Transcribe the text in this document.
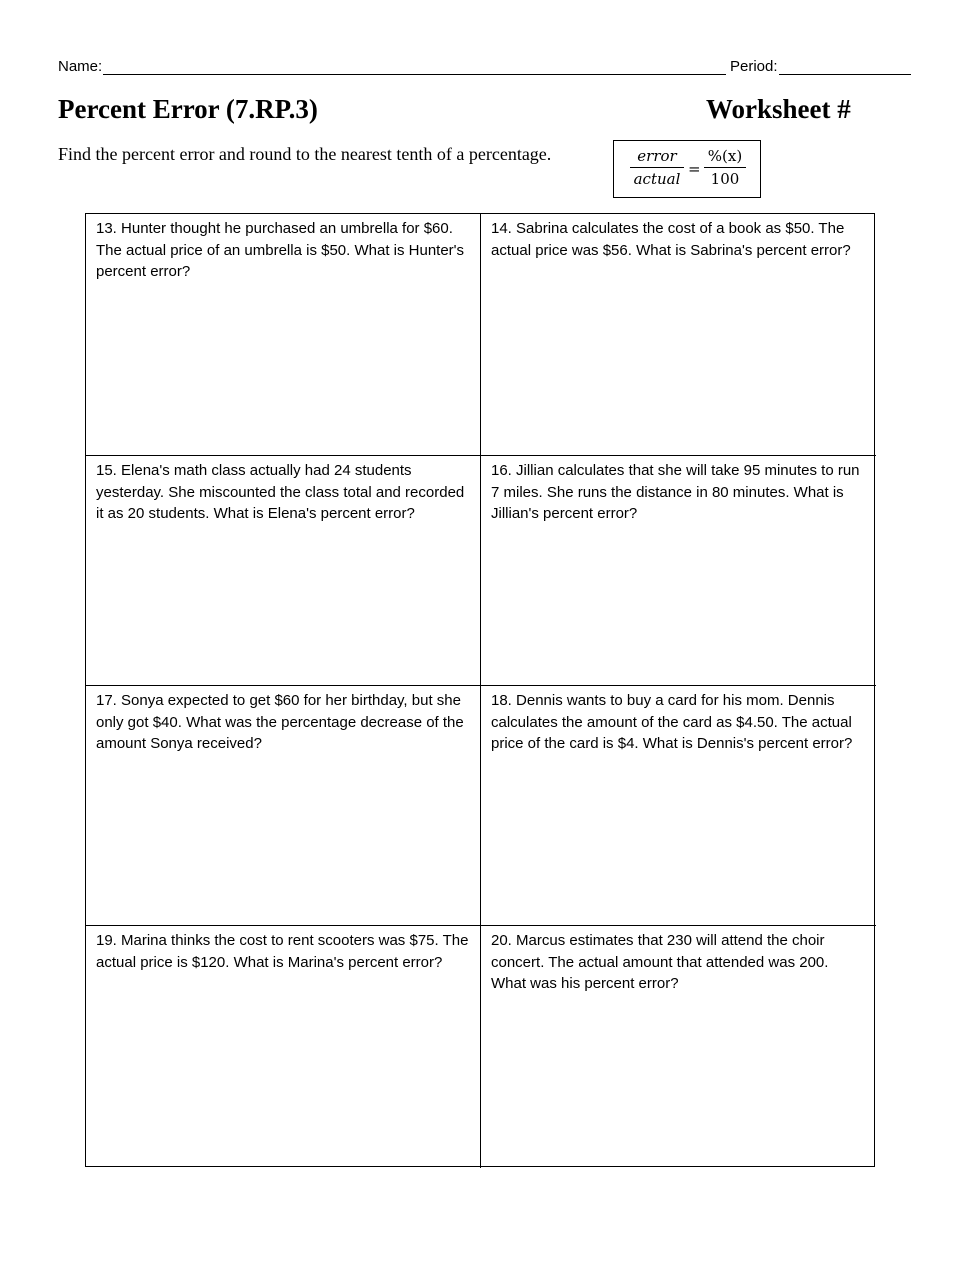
Name:	Period:
Percent Error (7.RP.3)	Worksheet #
Find the percent error and round to the nearest tenth of a percentage.	error
actual
= $\frac{\%(x)}{100}$
13. Hunter thought he purchased an umbrella for $60. The actual price of an umbrella is $50. What is Hunter's percent error?
14. Sabrina calculates the cost of a book as $50. The actual price was $56. What is Sabrina's percent error?
15. Elena's math class actually had 24 students yesterday. She miscounted the class total and recorded it as 20 students. What is Elena's percent error?
16. Jillian calculates that she will take 95 minutes to run 7 miles. She runs the distance in 80 minutes. What is Jillian's percent error?
17. Sonya expected to get $60 for her birthday, but she only got $40. What was the percentage decrease of the amount Sonya received?
18. Dennis wants to buy a card for his mom. Dennis calculates the amount of the card as $4.50. The actual price of the card is $4. What is Dennis's percent error?
19. Marina thinks the cost to rent scooters was $75. The actual price is $120. What is Marina's percent error?
20. Marcus estimates that 230 will attend the choir concert. The actual amount that attended was 200. What was his percent error?
